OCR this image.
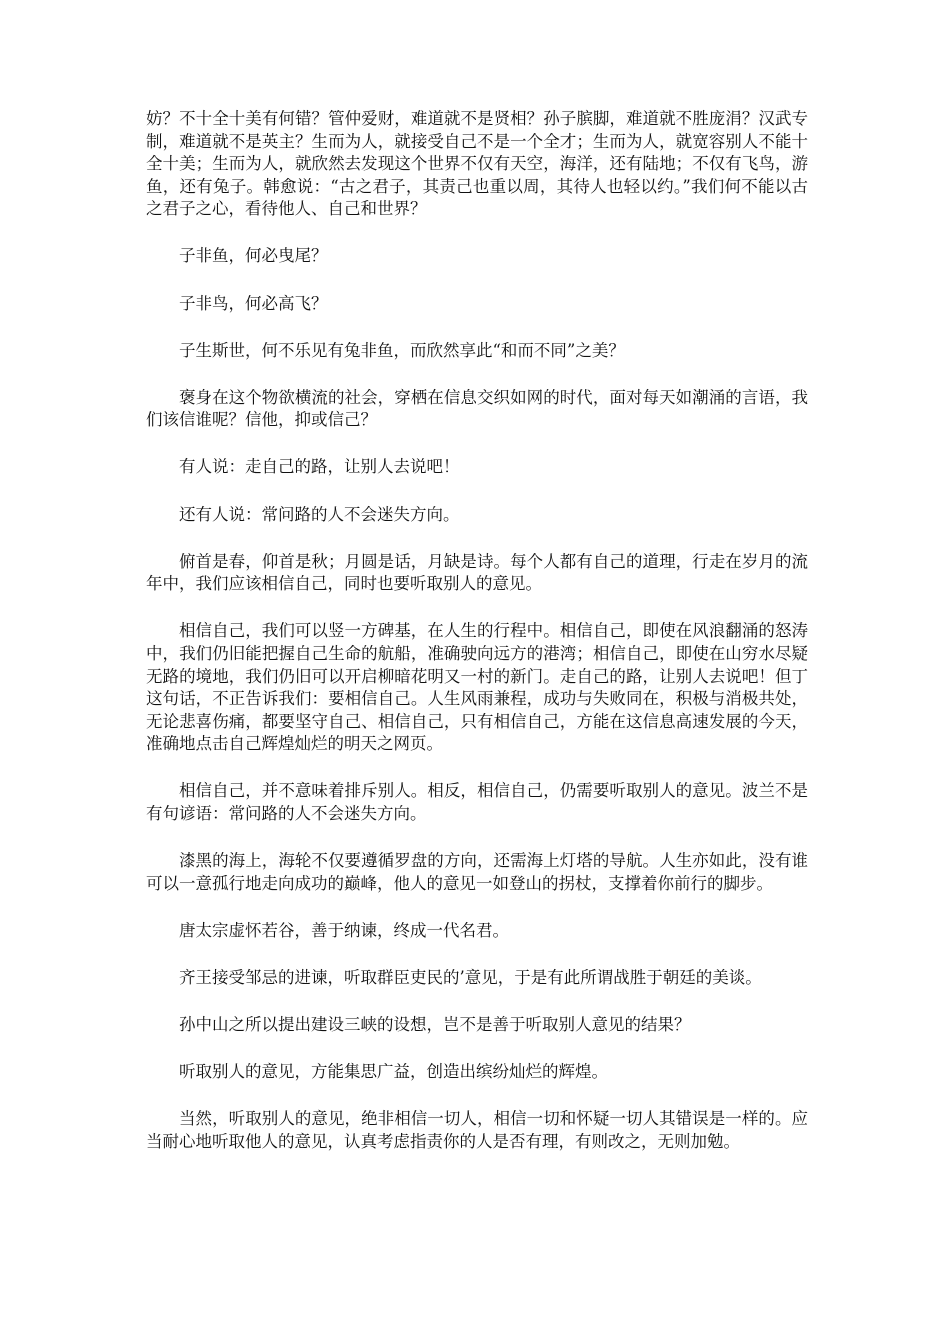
妨？不十全十美有何错？管仲爱财，难道就不是贤相？孙子膑脚，难道就不胜庞涓？汉武专制，难道就不是英主？生而为人，就接受自己不是一个全才；生而为人，就宽容别人不能十全十美；生而为人，就欣然去发现这个世界不仅有天空，海洋，还有陆地；不仅有飞鸟，游鱼，还有兔子。韩愈说：“古之君子，其责己也重以周，其待人也轻以约。”我们何不能以古之君子之心，看待他人、自己和世界？

子非鱼，何必曳尾？

子非鸟，何必高飞？

子生斯世，何不乐见有兔非鱼，而欣然享此“和而不同”之美？

褒身在这个物欲横流的社会，穿栖在信息交织如网的时代，面对每天如潮涌的言语，我们该信谁呢？信他，抑或信己？

有人说：走自己的路，让别人去说吧！

还有人说：常问路的人不会迷失方向。

俯首是春，仰首是秋；月圆是话，月缺是诗。每个人都有自己的道理，行走在岁月的流年中，我们应该相信自己，同时也要听取别人的意见。

相信自己，我们可以竖一方碑基，在人生的行程中。相信自己，即使在风浪翻涌的怒涛中，我们仍旧能把握自己生命的航船，准确驶向远方的港湾；相信自己，即使在山穷水尽疑无路的境地，我们仍旧可以开启柳暗花明又一村的新门。走自己的路，让别人去说吧！但丁这句话，不正告诉我们：要相信自己。人生风雨兼程，成功与失败同在，积极与消极共处，无论悲喜伤痛，都要坚守自己、相信自己，只有相信自己，方能在这信息高速发展的今天，准确地点击自己辉煌灿烂的明天之网页。

相信自己，并不意味着排斥别人。相反，相信自己，仍需要听取别人的意见。波兰不是有句谚语：常问路的人不会迷失方向。

漆黑的海上，海轮不仅要遵循罗盘的方向，还需海上灯塔的导航。人生亦如此，没有谁可以一意孤行地走向成功的巅峰，他人的意见一如登山的拐杖，支撑着你前行的脚步。

唐太宗虚怀若谷，善于纳谏，终成一代名君。

齐王接受邹忌的进谏，听取群臣吏民的’意见，于是有此所谓战胜于朝廷的美谈。

孙中山之所以提出建设三峡的设想，岂不是善于听取别人意见的结果？

听取别人的意见，方能集思广益，创造出缤纷灿烂的辉煌。

当然，听取别人的意见，绝非相信一切人，相信一切和怀疑一切人其错误是一样的。应当耐心地听取他人的意见，认真考虑指责你的人是否有理，有则改之，无则加勉。
